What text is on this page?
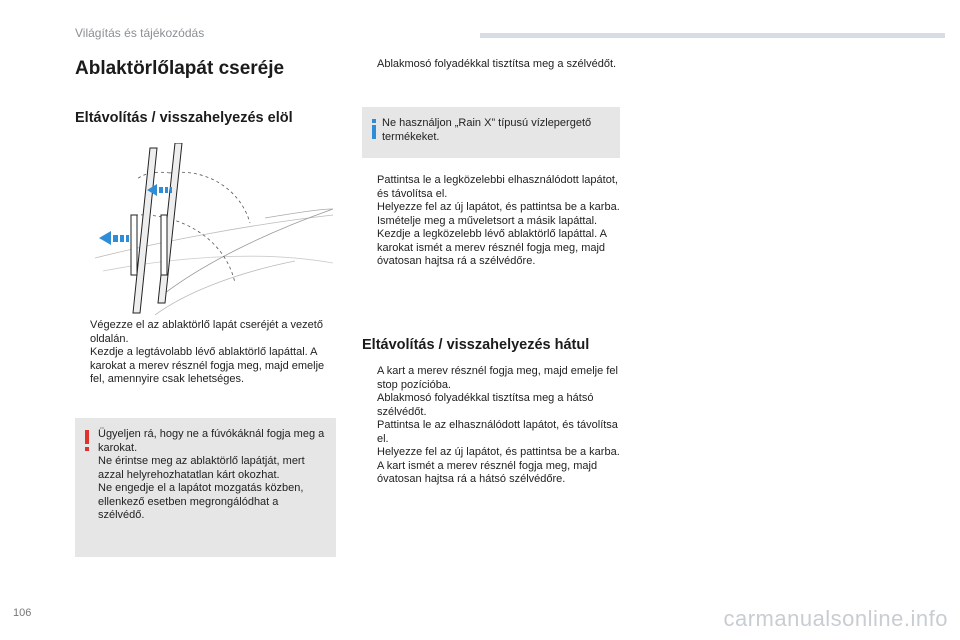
Világítás és tájékozódás
Ablaktörlőlapát cseréje
Eltávolítás / visszahelyezés elöl
Végezze el az ablaktörlő lapát cseréjét a vezető oldalán.
Kezdje a legtávolabb lévő ablaktörlő lapáttal. A karokat a merev résznél fogja meg, majd emelje fel, amennyire csak lehetséges.

Ügyeljen rá, hogy ne a fúvókáknál fogja meg a karokat.

Ne érintse meg az ablaktörlő lapátját, mert azzal helyrehozhatatlan kárt okozhat.

Ne engedje el a lapátot mozgatás közben, ellenkező esetben megrongálódhat a szélvédő.

Ablakmosó folyadékkal tisztítsa meg a szélvédőt.

Ne használjon „Rain X” típusú vízlepergető termékeket.

Pattintsa le a legközelebbi elhasználódott lapátot, és távolítsa el.
Helyezze fel az új lapátot, és pattintsa be a karba.
Ismételje meg a műveletsort a másik lapáttal.
Kezdje a legközelebb lévő ablaktörlő lapáttal. A karokat ismét a merev résznél fogja meg, majd óvatosan hajtsa rá a szélvédőre.
Eltávolítás / visszahelyezés hátul
A kart a merev résznél fogja meg, majd emelje fel stop pozícióba.
Ablakmosó folyadékkal tisztítsa meg a hátsó szélvédőt.
Pattintsa le az elhasználódott lapátot, és távolítsa el.
Helyezze fel az új lapátot, és pattintsa be a karba.
A kart ismét a merev résznél fogja meg, majd óvatosan hajtsa rá a hátsó szélvédőre.
106	carmanualsonline.info
